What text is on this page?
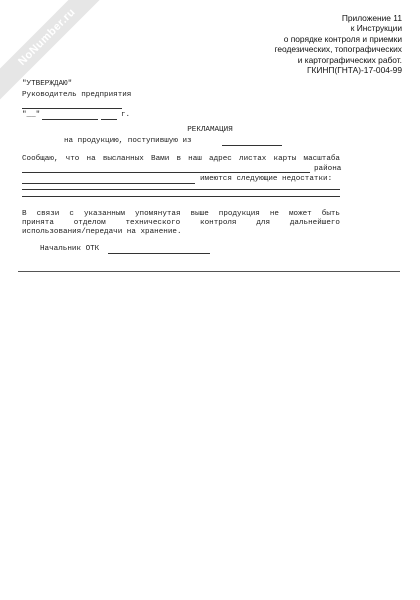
NoNumber.ru	Приложение 11
к Инструкции
о порядке контроля и приемки
геодезических, топографических
и картографических работ.
ГКИНП(ГНТА)-17-004-99
"УТВЕРЖДАЮ"
Руководитель предприятия
"__"	г.
РЕКЛАМАЦИЯ
на продукцию, поступившую из
Сообщаю, что на высланных Вами в наш адрес листах карты масштаба
района
имеются следующие недостатки:
В связи с указанным упомянутая выше продукция не может быть
принята отделом технического контроля для дальнейшего
использования/передачи на хранение.
Начальник ОТК
